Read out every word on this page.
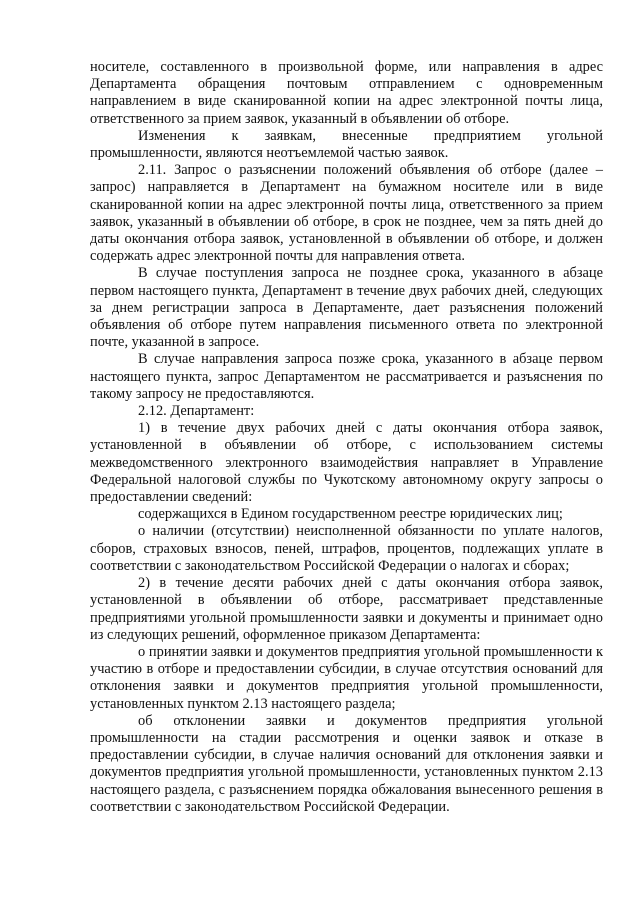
носителе, составленного в произвольной форме, или направления в адрес Департамента обращения почтовым отправлением с одновременным направлением в виде сканированной копии на адрес электронной почты лица, ответственного за прием заявок, указанный в объявлении об отборе.

Изменения к заявкам, внесенные предприятием угольной промышленности, являются неотъемлемой частью заявок.

2.11. Запрос о разъяснении положений объявления об отборе (далее – запрос) направляется в Департамент на бумажном носителе или в виде сканированной копии на адрес электронной почты лица, ответственного за прием заявок, указанный в объявлении об отборе, в срок не позднее, чем за пять дней до даты окончания отбора заявок, установленной в объявлении об отборе, и должен содержать адрес электронной почты для направления ответа.

В случае поступления запроса не позднее срока, указанного в абзаце первом настоящего пункта, Департамент в течение двух рабочих дней, следующих за днем регистрации запроса в Департаменте, дает разъяснения положений объявления об отборе путем направления письменного ответа по электронной почте, указанной в запросе.

В случае направления запроса позже срока, указанного в абзаце первом настоящего пункта, запрос Департаментом не рассматривается и разъяснения по такому запросу не предоставляются.

2.12. Департамент:

1) в течение двух рабочих дней с даты окончания отбора заявок, установленной в объявлении об отборе, с использованием системы межведомственного электронного взаимодействия направляет в Управление Федеральной налоговой службы по Чукотскому автономному округу запросы о предоставлении сведений:

содержащихся в Едином государственном реестре юридических лиц;

о наличии (отсутствии) неисполненной обязанности по уплате налогов, сборов, страховых взносов, пеней, штрафов, процентов, подлежащих уплате в соответствии с законодательством Российской Федерации о налогах и сборах;

2) в течение десяти рабочих дней с даты окончания отбора заявок, установленной в объявлении об отборе, рассматривает представленные предприятиями угольной промышленности заявки и документы и принимает одно из следующих решений, оформленное приказом Департамента:

о принятии заявки и документов предприятия угольной промышленности к участию в отборе и предоставлении субсидии, в случае отсутствия оснований для отклонения заявки и документов предприятия угольной промышленности, установленных пунктом 2.13 настоящего раздела;

об отклонении заявки и документов предприятия угольной промышленности на стадии рассмотрения и оценки заявок и отказе в предоставлении субсидии, в случае наличия оснований для отклонения заявки и документов предприятия угольной промышленности, установленных пунктом 2.13 настоящего раздела, с разъяснением порядка обжалования вынесенного решения в соответствии с законодательством Российской Федерации.
